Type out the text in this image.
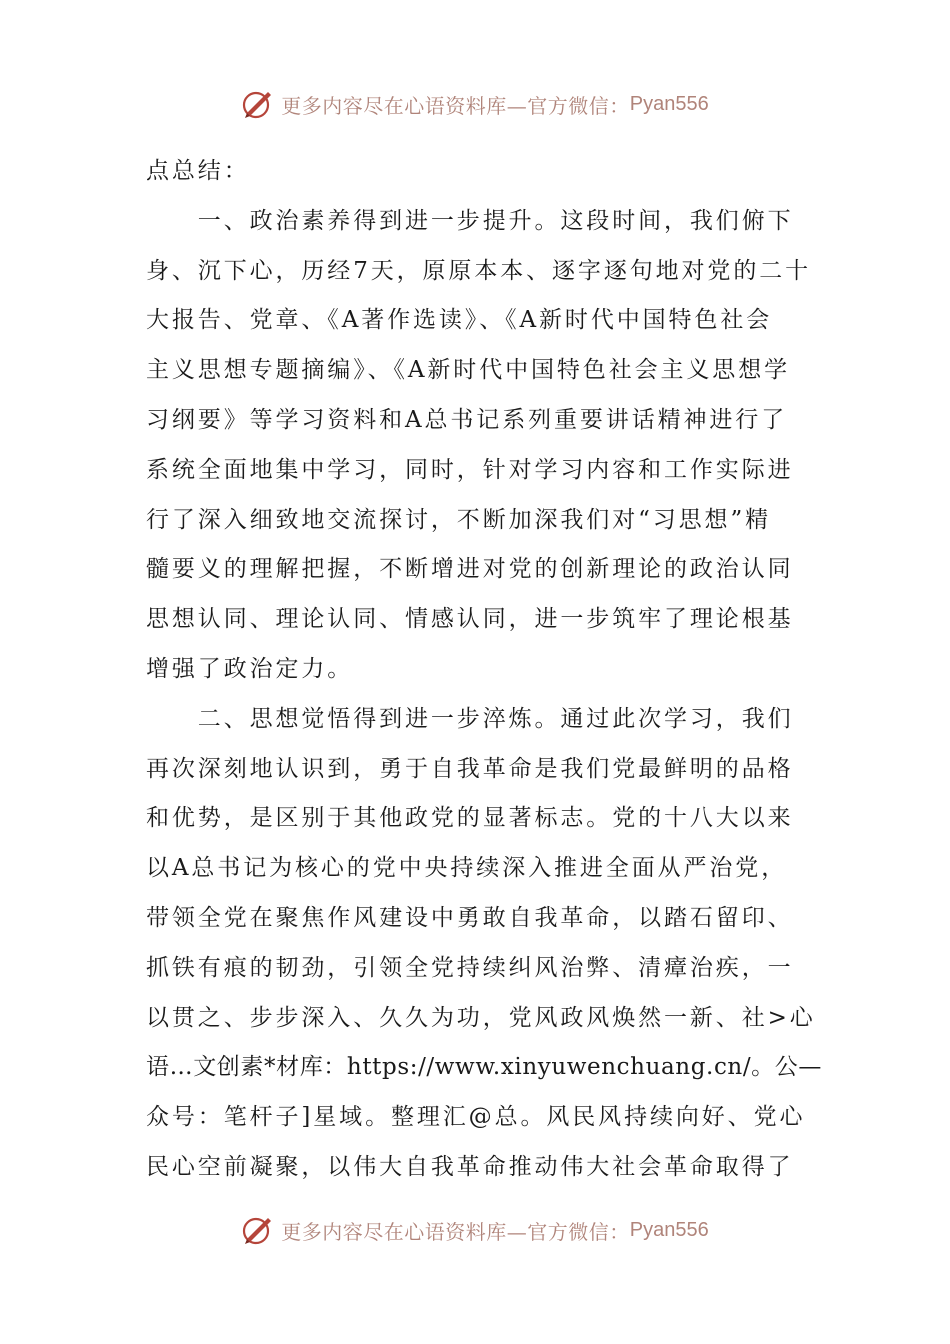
更多内容尽在心语资料库—官方微信： Pyan556
点总结：
　　一、政治素养得到进一步提升。这段时间，我们俯下
身、沉下心，历经7天，原原本本、逐字逐句地对党的二十
大报告、党章、《A著作选读》、《A新时代中国特色社会
主义思想专题摘编》、《A新时代中国特色社会主义思想学
习纲要》等学习资料和A总书记系列重要讲话精神进行了
系统全面地集中学习，同时，针对学习内容和工作实际进
行了深入细致地交流探讨，不断加深我们对“习思想”精
髓要义的理解把握，不断增进对党的创新理论的政治认同
思想认同、理论认同、情感认同，进一步筑牢了理论根基
增强了政治定力。
　　二、思想觉悟得到进一步淬炼。通过此次学习，我们
再次深刻地认识到，勇于自我革命是我们党最鲜明的品格
和优势，是区别于其他政党的显著标志。党的十八大以来
以A总书记为核心的党中央持续深入推进全面从严治党，
带领全党在聚焦作风建设中勇敢自我革命，以踏石留印、
抓铁有痕的韧劲，引领全党持续纠风治弊、清瘴治疾，一
以贯之、步步深入、久久为功，党风政风焕然一新、社>心
语…文创素*材库：https://www.xinyuwenchuang.cn/。公—
众号：笔杆子]星域。整理汇@总。风民风持续向好、党心
民心空前凝聚，以伟大自我革命推动伟大社会革命取得了
更多内容尽在心语资料库—官方微信： Pyan556
